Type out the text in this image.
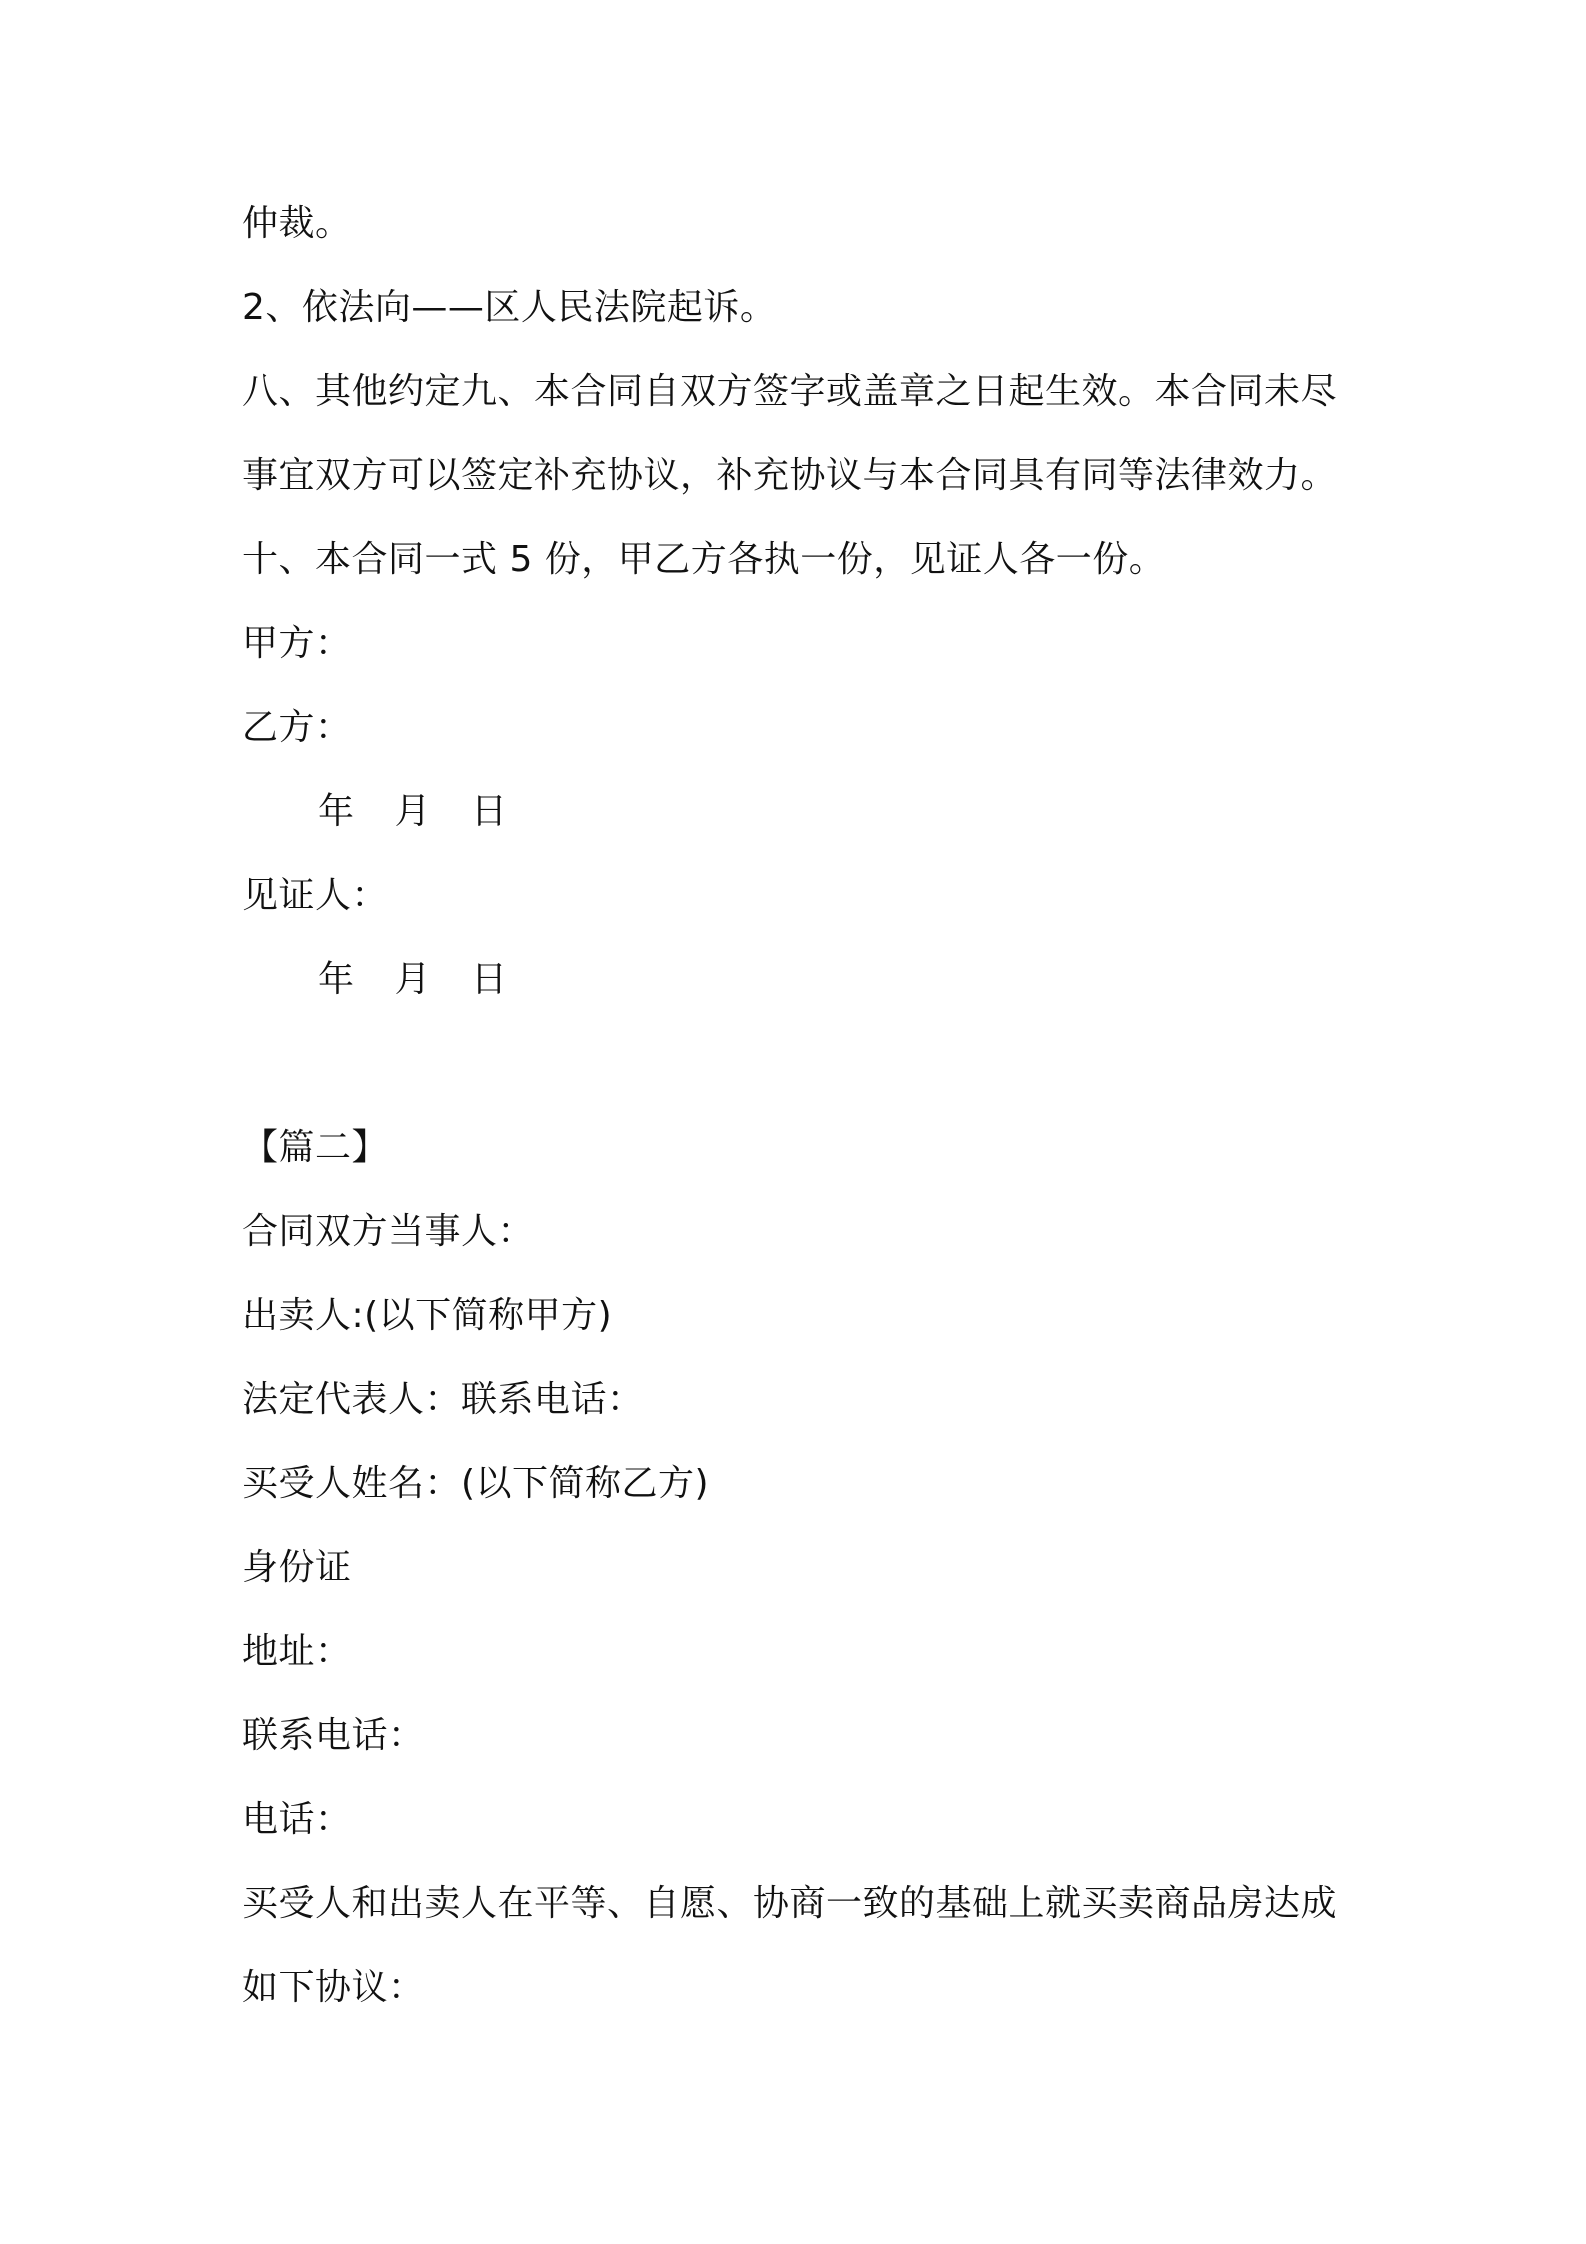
仲裁。
2、依法向——区人民法院起诉。
八、其他约定九、本合同自双方签字或盖章之日起生效。本合同未尽
事宜双方可以签定补充协议，补充协议与本合同具有同等法律效力。
十、本合同一式 5 份，甲乙方各执一份，见证人各一份。
甲方：
乙方：
年 月 日
见证人：
年 月 日
【篇二】
合同双方当事人：
出卖人:(以下简称甲方)
法定代表人：联系电话：
买受人姓名：(以下简称乙方)
身份证
地址：
联系电话：
电话：
买受人和出卖人在平等、自愿、协商一致的基础上就买卖商品房达成
如下协议：
